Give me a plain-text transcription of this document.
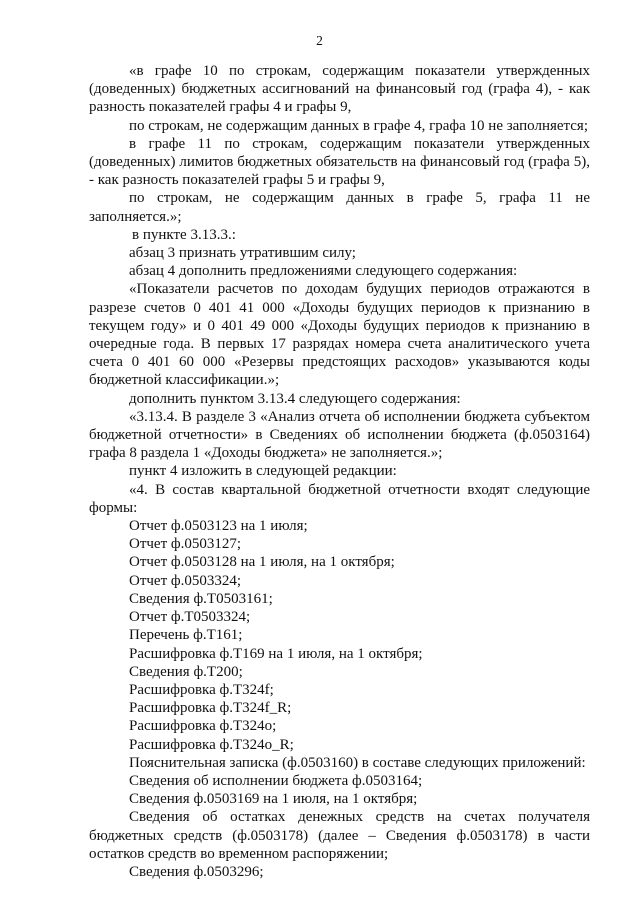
2

«в графе 10 по строкам, содержащим показатели утвержденных (доведенных) бюджетных ассигнований на финансовый год (графа 4), - как разность показателей графы 4 и графы 9,

по строкам, не содержащим данных в графе 4, графа 10 не заполняется;

в графе 11 по строкам, содержащим показатели утвержденных (доведенных) лимитов бюджетных обязательств на финансовый год (графа 5), - как разность показателей графы 5 и графы 9,

по строкам, не содержащим данных в графе 5, графа 11 не заполняется.»;

в пункте 3.13.3.:

абзац 3 признать утратившим силу;

абзац 4 дополнить предложениями следующего содержания:

«Показатели расчетов по доходам будущих периодов отражаются в разрезе счетов 0 401 41 000 «Доходы будущих периодов к признанию в текущем году» и 0 401 49 000 «Доходы будущих периодов к признанию в очередные года. В первых 17 разрядах номера счета аналитического учета счета 0 401 60 000 «Резервы предстоящих расходов» указываются коды бюджетной классификации.»;

дополнить пунктом 3.13.4 следующего содержания:

«3.13.4. В разделе 3 «Анализ отчета об исполнении бюджета субъектом бюджетной отчетности» в Сведениях об исполнении бюджета (ф.0503164) графа 8 раздела 1 «Доходы бюджета» не заполняется.»;

пункт 4 изложить в следующей редакции:

«4. В состав квартальной бюджетной отчетности входят следующие формы:

Отчет ф.0503123 на 1 июля;

Отчет ф.0503127;

Отчет ф.0503128 на 1 июля, на 1 октября;

Отчет ф.0503324;

Сведения ф.Т0503161;

Отчет ф.Т0503324;

Перечень ф.Т161;

Расшифровка ф.Т169 на 1 июля, на 1 октября;

Сведения ф.Т200;

Расшифровка ф.Т324f;

Расшифровка ф.Т324f_R;

Расшифровка ф.Т324о;

Расшифровка ф.Т324о_R;

Пояснительная записка (ф.0503160) в составе следующих приложений:

Сведения об исполнении бюджета ф.0503164;

Сведения ф.0503169 на 1 июля, на 1 октября;

Сведения об остатках денежных средств на счетах получателя бюджетных средств (ф.0503178) (далее – Сведения ф.0503178) в части остатков средств во временном распоряжении;

Сведения ф.0503296;
